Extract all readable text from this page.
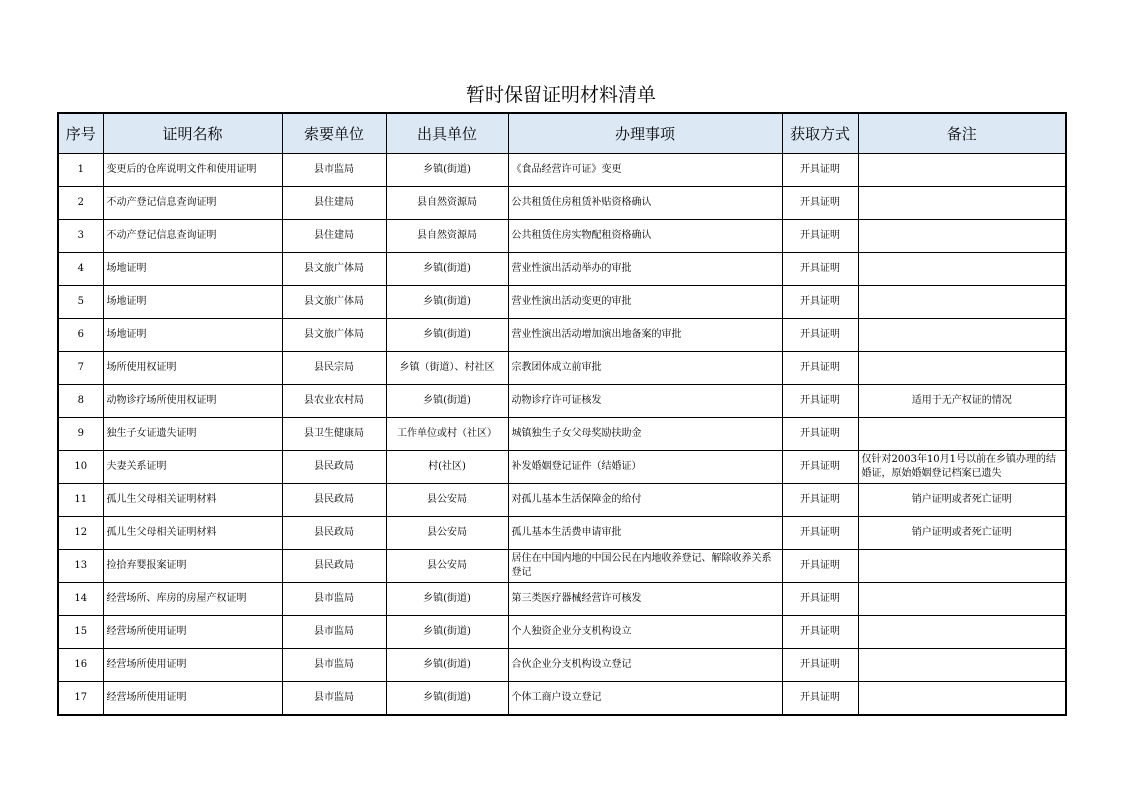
暂时保留证明材料清单
序号	证明名称	索要单位	出具单位	办理事项	获取方式	备注
1	变更后的仓库说明文件和使用证明	县市监局	乡镇(街道)	《食品经营许可证》变更	开具证明	
2	不动产登记信息查询证明	县住建局	县自然资源局	公共租赁住房租赁补贴资格确认	开具证明	
3	不动产登记信息查询证明	县住建局	县自然资源局	公共租赁住房实物配租资格确认	开具证明	
4	场地证明	县文旅广体局	乡镇(街道)	营业性演出活动举办的审批	开具证明	
5	场地证明	县文旅广体局	乡镇(街道)	营业性演出活动变更的审批	开具证明	
6	场地证明	县文旅广体局	乡镇(街道)	营业性演出活动增加演出地备案的审批	开具证明	
7	场所使用权证明	县民宗局	乡镇（街道）、村社区	宗教团体成立前审批	开具证明	
8	动物诊疗场所使用权证明	县农业农村局	乡镇(街道)	动物诊疗许可证核发	开具证明	适用于无产权证的情况
9	独生子女证遗失证明	县卫生健康局	工作单位或村（社区）	城镇独生子女父母奖励扶助金	开具证明	
10	夫妻关系证明	县民政局	村(社区)	补发婚姻登记证件（结婚证）	开具证明	仅针对2003年10月1号以前在乡镇办理的结婚证，原始婚姻登记档案已遗失
11	孤儿生父母相关证明材料	县民政局	县公安局	对孤儿基本生活保障金的给付	开具证明	销户证明或者死亡证明
12	孤儿生父母相关证明材料	县民政局	县公安局	孤儿基本生活费申请审批	开具证明	销户证明或者死亡证明
13	捡拾弃婴报案证明	县民政局	县公安局	居住在中国内地的中国公民在内地收养登记、解除收养关系登记	开具证明	
14	经营场所、库房的房屋产权证明	县市监局	乡镇(街道)	第三类医疗器械经营许可核发	开具证明	
15	经营场所使用证明	县市监局	乡镇(街道)	个人独资企业分支机构设立	开具证明	
16	经营场所使用证明	县市监局	乡镇(街道)	合伙企业分支机构设立登记	开具证明	
17	经营场所使用证明	县市监局	乡镇(街道)	个体工商户设立登记	开具证明	
